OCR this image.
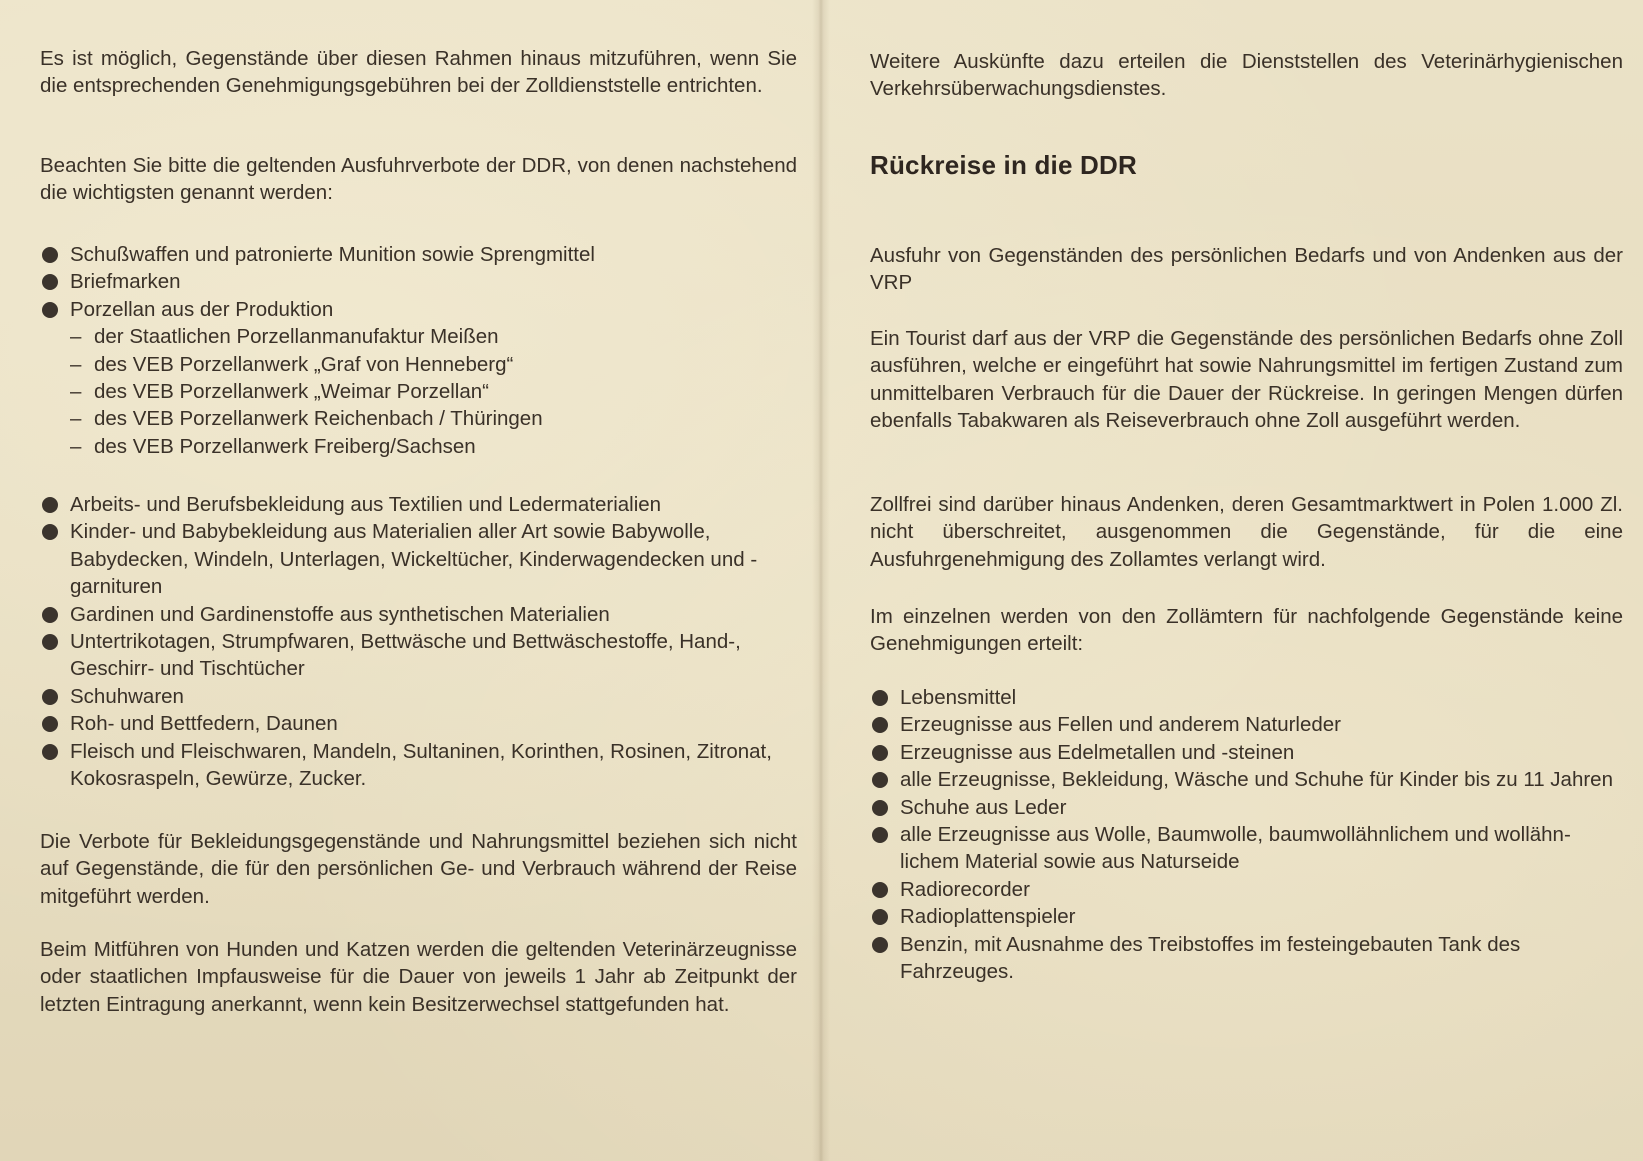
Es ist möglich, Gegenstände über diesen Rahmen hinaus mitzuführen, wenn Sie die entsprechenden Genehmigungsgebühren bei der Zolldienststelle entrichten.

Beachten Sie bitte die geltenden Ausfuhrverbote der DDR, von denen nachstehend die wichtigsten genannt werden:

Schußwaffen und patronierte Munition sowie Sprengmittel
Briefmarken
Porzellan aus der Produktion
– der Staatlichen Porzellanmanufaktur Meißen
– des VEB Porzellanwerk „Graf von Henneberg“
– des VEB Porzellanwerk „Weimar Porzellan“
– des VEB Porzellanwerk Reichenbach / Thüringen
– des VEB Porzellanwerk Freiberg/Sachsen
Arbeits- und Berufsbekleidung aus Textilien und Ledermaterialien
Kinder- und Babybekleidung aus Materialien aller Art sowie Babywolle, Babydecken, Windeln, Unterlagen, Wickeltücher, Kinderwagendecken und - garnituren
Gardinen und Gardinenstoffe aus synthetischen Materialien
Untertrikotagen, Strumpfwaren, Bettwäsche und Bettwäschestoffe, Hand-, Geschirr- und Tischtücher
Schuhwaren
Roh- und Bettfedern, Daunen
Fleisch und Fleischwaren, Mandeln, Sultaninen, Korinthen, Rosinen, Zitronat, Kokosraspeln, Gewürze, Zucker.

Die Verbote für Bekleidungsgegenstände und Nahrungsmittel beziehen sich nicht auf Gegenstände, die für den persönlichen Ge- und Verbrauch während der Reise mitgeführt werden.

Beim Mitführen von Hunden und Katzen werden die geltenden Veterinärzeugnisse oder staatlichen Impfausweise für die Dauer von jeweils 1 Jahr ab Zeitpunkt der letzten Eintragung anerkannt, wenn kein Besitzerwechsel stattgefunden hat.

Weitere Auskünfte dazu erteilen die Dienststellen des Veterinärhygienischen Verkehrsüberwachungsdienstes.

Rückreise in die DDR

Ausfuhr von Gegenständen des persönlichen Bedarfs und von Andenken aus der VRP

Ein Tourist darf aus der VRP die Gegenstände des persönlichen Bedarfs ohne Zoll ausführen, welche er eingeführt hat sowie Nahrungsmittel im fertigen Zustand zum unmittelbaren Verbrauch für die Dauer der Rückreise. In geringen Mengen dürfen ebenfalls Tabakwaren als Reiseverbrauch ohne Zoll ausgeführt werden.

Zollfrei sind darüber hinaus Andenken, deren Gesamtmarktwert in Polen 1.000 Zl. nicht überschreitet, ausgenommen die Gegenstände, für die eine Ausfuhrgenehmigung des Zollamtes verlangt wird.

Im einzelnen werden von den Zollämtern für nachfolgende Gegenstände keine Genehmigungen erteilt:

Lebensmittel
Erzeugnisse aus Fellen und anderem Naturleder
Erzeugnisse aus Edelmetallen und -steinen
alle Erzeugnisse, Bekleidung, Wäsche und Schuhe für Kinder bis zu 11 Jahren
Schuhe aus Leder
alle Erzeugnisse aus Wolle, Baumwolle, baumwollähnlichem und wollähnlichem Material sowie aus Naturseide
Radiorecorder
Radioplattenspieler
Benzin, mit Ausnahme des Treibstoffes im festeingebauten Tank des Fahrzeuges.
